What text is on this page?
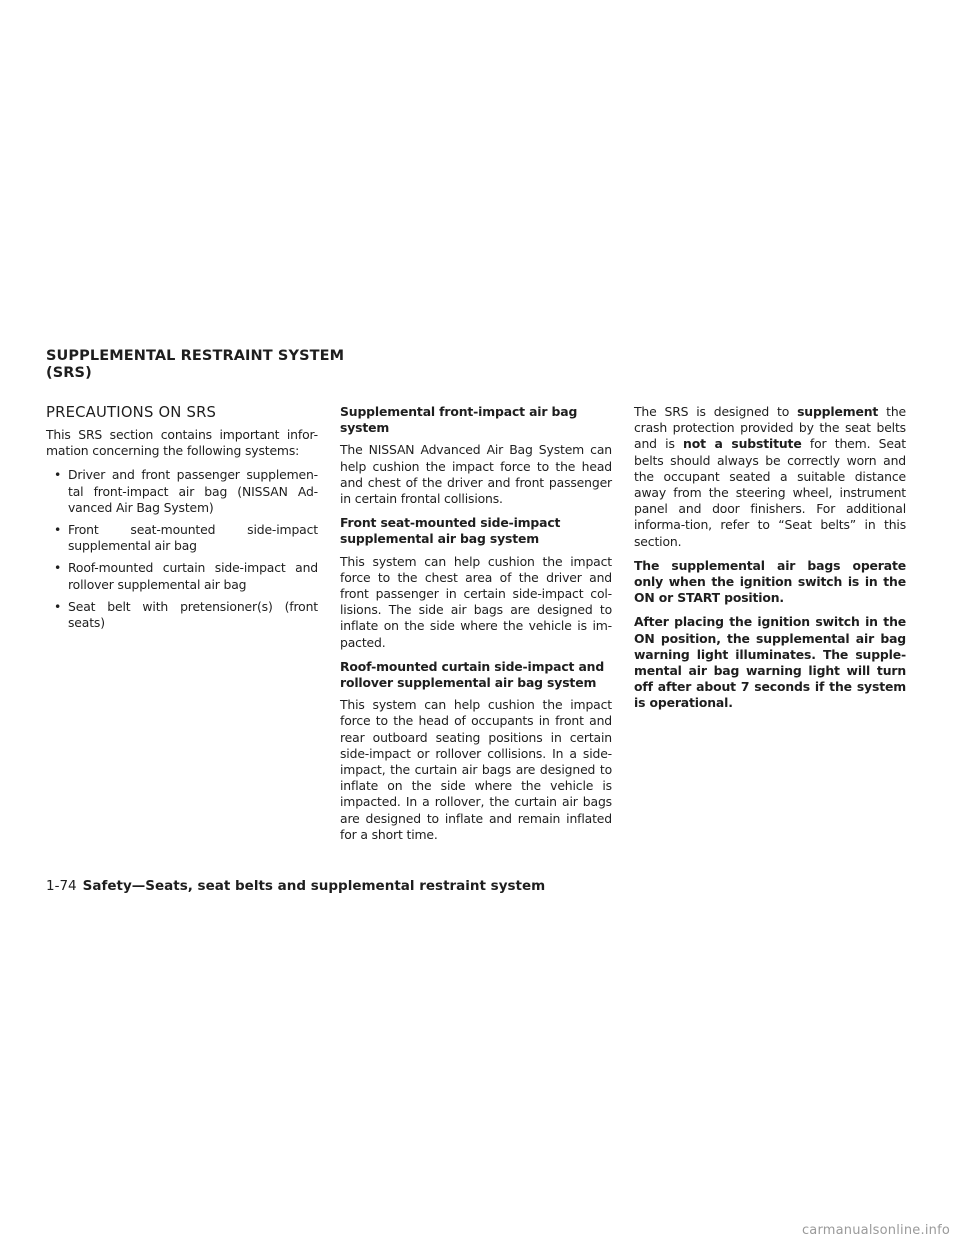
SUPPLEMENTAL RESTRAINT SYSTEM
(SRS)
PRECAUTIONS ON SRS

This SRS section contains important infor-mation concerning the following systems:

• Driver and front passenger supplemen-tal front-impact air bag (NISSAN Ad-vanced Air Bag System)
• Front seat-mounted side-impact supplemental air bag
• Roof-mounted curtain side-impact and rollover supplemental air bag
• Seat belt with pretensioner(s) (front seats)

Supplemental front-impact air bag system

The NISSAN Advanced Air Bag System can help cushion the impact force to the head and chest of the driver and front passenger in certain frontal collisions.

Front seat-mounted side-impact supplemental air bag system

This system can help cushion the impact force to the chest area of the driver and front passenger in certain side-impact col-lisions. The side air bags are designed to inflate on the side where the vehicle is im-pacted.

Roof-mounted curtain side-impact and rollover supplemental air bag system

This system can help cushion the impact force to the head of occupants in front and rear outboard seating positions in certain side-impact or rollover collisions. In a side-impact, the curtain air bags are designed to inflate on the side where the vehicle is impacted. In a rollover, the curtain air bags are designed to inflate and remain inflated for a short time.

The SRS is designed to supplement the crash protection provided by the seat belts and is not a substitute for them. Seat belts should always be correctly worn and the occupant seated a suitable distance away from the steering wheel, instrument panel and door finishers. For additional informa-tion, refer to “Seat belts” in this section.

The supplemental air bags operate only when the ignition switch is in the ON or START position.

After placing the ignition switch in the ON position, the supplemental air bag warning light illuminates. The supple-mental air bag warning light will turn off after about 7 seconds if the system is operational.

1-74 Safety—Seats, seat belts and supplemental restraint system
carmanualsonline.info
